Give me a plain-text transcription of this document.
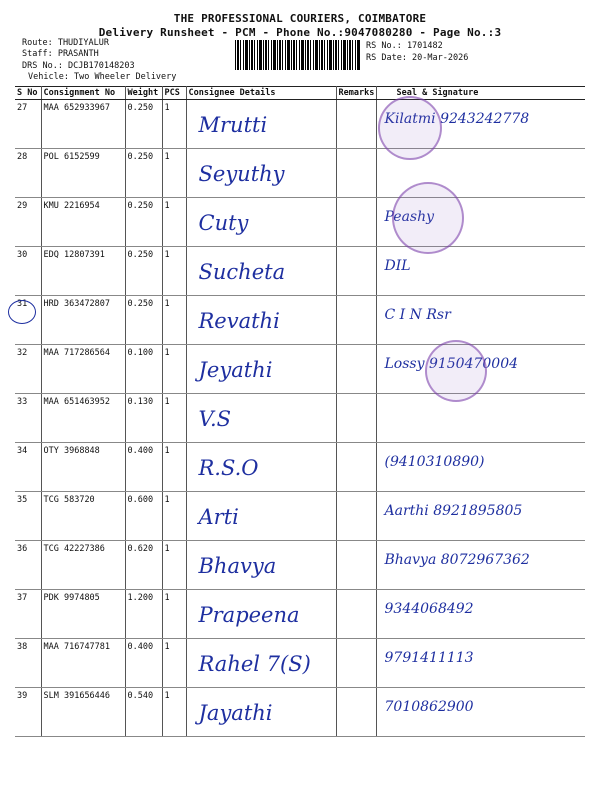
THE PROFESSIONAL COURIERS, COIMBATORE
Delivery Runsheet - PCM - Phone No.:9047080280 - Page No.:3
Route: THUDIYALUR
Staff: PRASANTH
DRS No.: DCJB170148203
Vehicle: Two Wheeler Delivery
RS No.: 1701482
RS Date: 20-Mar-2026
S No	Consignment No	Weight	PCS	Consignee Details	Remarks	Seal & Signature
27	MAA 652933967	0.250	1	Mrutti		Kilatmi 9243242778

28	POL 6152599	0.250	1	Seyuthy		

29	KMU 2216954	0.250	1	Cuty		Peashy

30	EDQ 12807391	0.250	1	Sucheta		DIL

31	HRD 363472807	0.250	1	Revathi		C I N Rsr

32	MAA 717286564	0.100	1	Jeyathi		Lossy 9150470004

33	MAA 651463952	0.130	1	V.S		

34	OTY 3968848	0.400	1	R.S.O		(9410310890)

35	TCG 583720	0.600	1	Arti		Aarthi 8921895805

36	TCG 42227386	0.620	1	Bhavya		Bhavya 8072967362

37	PDK 9974805	1.200	1	Prapeena		9344068492

38	MAA 716747781	0.400	1	Rahel 7(S)		9791411113

39	SLM 391656446	0.540	1	Jayathi		7010862900
